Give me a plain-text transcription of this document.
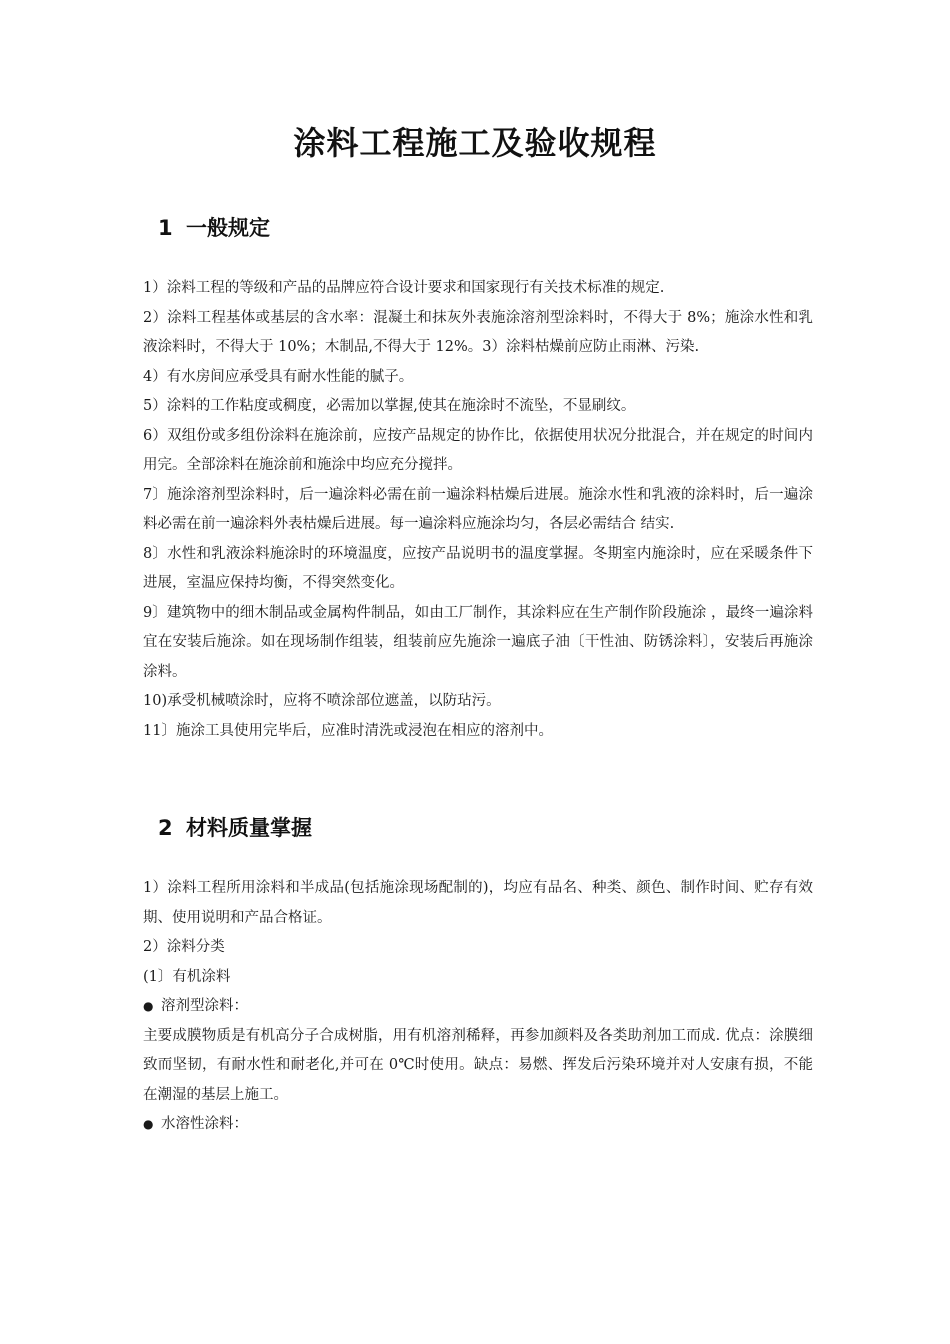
涂料工程施工及验收规程
1 一般规定

1）涂料工程的等级和产品的品牌应符合设计要求和国家现行有关技术标准的规定.

2）涂料工程基体或基层的含水率：混凝土和抹灰外表施涂溶剂型涂料时，不得大于 8%；施涂水性和乳液涂料时，不得大于 10%；木制品,不得大于 12%。3）涂料枯燥前应防止雨淋、污染.

4）有水房间应承受具有耐水性能的腻子。

5）涂料的工作粘度或稠度，必需加以掌握,使其在施涂时不流坠，不显刷纹。

6）双组份或多组份涂料在施涂前，应按产品规定的协作比，依据使用状况分批混合，并在规定的时间内用完。全部涂料在施涂前和施涂中均应充分搅拌。

7〕施涂溶剂型涂料时，后一遍涂料必需在前一遍涂料枯燥后进展。施涂水性和乳液的涂料时，后一遍涂料必需在前一遍涂料外表枯燥后进展。每一遍涂料应施涂均匀，各层必需结合 结实.

8〕水性和乳液涂料施涂时的环境温度，应按产品说明书的温度掌握。冬期室内施涂时，应在采暖条件下进展，室温应保持均衡，不得突然变化。

9〕建筑物中的细木制品或金属构件制品，如由工厂制作，其涂料应在生产制作阶段施涂 ，最终一遍涂料宜在安装后施涂。如在现场制作组装，组装前应先施涂一遍底子油〔干性油、防锈涂料〕，安装后再施涂涂料。

10)承受机械喷涂时，应将不喷涂部位遮盖，以防玷污。

11〕施涂工具使用完毕后，应准时清洗或浸泡在相应的溶剂中。

2 材料质量掌握

1）涂料工程所用涂料和半成品(包括施涂现场配制的)，均应有品名、种类、颜色、制作时间、贮存有效期、使用说明和产品合格证。

2）涂料分类

(1〕有机涂料

● 溶剂型涂料：

主要成膜物质是有机高分子合成树脂，用有机溶剂稀释，再参加颜料及各类助剂加工而成. 优点：涂膜细致而坚韧，有耐水性和耐老化,并可在 0℃时使用。缺点：易燃、挥发后污染环境并对人安康有损，不能在潮湿的基层上施工。

● 水溶性涂料：
